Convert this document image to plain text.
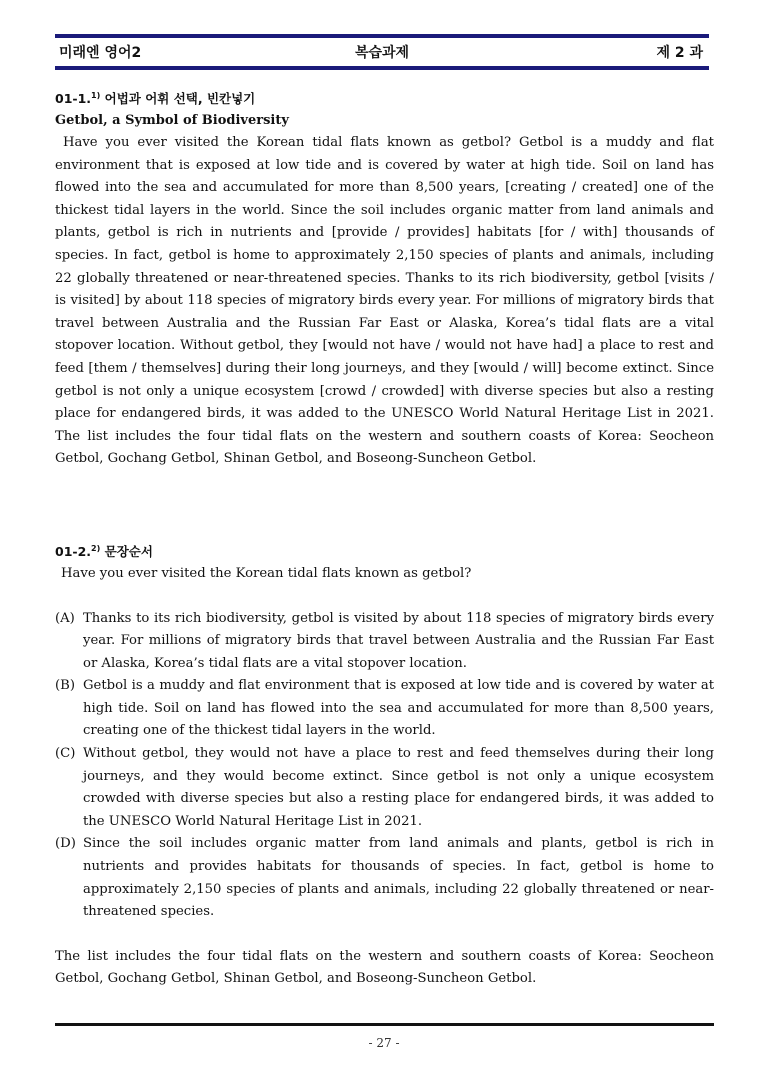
미래엔 영어2	복습과제	제 2 과
01-1.$^{1)}$ 어법과 어휘 선택, 빈칸넣기
Getbol, a Symbol of Biodiversity

Have you ever visited the Korean tidal flats known as getbol? Getbol is a muddy and flat environment that is exposed at low tide and is covered by water at high tide. Soil on land has flowed into the sea and accumulated for more than 8,500 years, [creating / created] one of the thickest tidal layers in the world. Since the soil includes organic matter from land animals and plants, getbol is rich in nutrients and [provide / provides] habitats [for / with] thousands of species. In fact, getbol is home to approximately 2,150 species of plants and animals, including 22 globally threatened or near-threatened species. Thanks to its rich biodiversity, getbol [visits / is visited] by about 118 species of migratory birds every year. For millions of migratory birds that travel between Australia and the Russian Far East or Alaska, Korea’s tidal flats are a vital stopover location. Without getbol, they [would not have / would not have had] a place to rest and feed [them / themselves] during their long journeys, and they [would / will] become extinct. Since getbol is not only a unique ecosystem [crowd / crowded] with diverse species but also a resting place for endangered birds, it was added to the UNESCO World Natural Heritage List in 2021. The list includes the four tidal flats on the western and southern coasts of Korea: Seocheon Getbol, Gochang Getbol, Shinan Getbol, and Boseong-Suncheon Getbol.

01-2.$^{2)}$ 문장순서

Have you ever visited the Korean tidal flats known as getbol?

(A) Thanks to its rich biodiversity, getbol is visited by about 118 species of migratory birds every year. For millions of migratory birds that travel between Australia and the Russian Far East or Alaska, Korea’s tidal flats are a vital stopover location.
(B) Getbol is a muddy and flat environment that is exposed at low tide and is covered by water at high tide. Soil on land has flowed into the sea and accumulated for more than 8,500 years, creating one of the thickest tidal layers in the world.
(C) Without getbol, they would not have a place to rest and feed themselves during their long journeys, and they would become extinct. Since getbol is not only a unique ecosystem crowded with diverse species but also a resting place for endangered birds, it was added to the UNESCO World Natural Heritage List in 2021.
(D) Since the soil includes organic matter from land animals and plants, getbol is rich in nutrients and provides habitats for thousands of species. In fact, getbol is home to approximately 2,150 species of plants and animals, including 22 globally threatened or near-threatened species.

The list includes the four tidal flats on the western and southern coasts of Korea: Seocheon Getbol, Gochang Getbol, Shinan Getbol, and Boseong-Suncheon Getbol.

- 27 -
